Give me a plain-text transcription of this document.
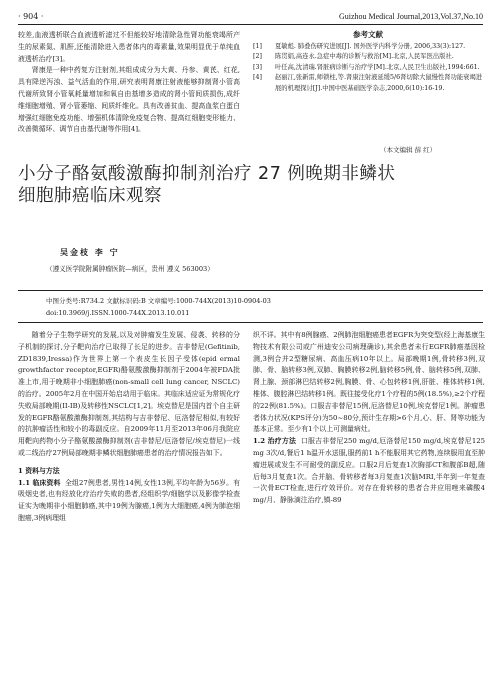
· 904 ·	Guizhou Medical Journal,2013,Vol.37,No.10

较差,血液透析联合血液透析滤过不但能较好地清除急性肾功能衰竭所产生的尿素氮、肌酐,还能清除进入患者体内的毒素量,效果明显优于单纯血液透析治疗[3]。

肾康是一种中药复方注射剂,其组成成分为大黄、丹参、黄芪、红花,具有降逆泻浊、益气活血的作用,研究表明肾康注射液能够抑制肾小管高代谢所致肾小管氧耗量增加和氧自由基增多造成的肾小管间质损伤,成纤维细胞增殖、肾小管萎缩、间质纤维化。具有改善贫血、提高血浆白蛋白增强红细胞免疫功能、增强机体清除免疫复合物、提高红细胞变形能力、改善微循环、调节自由基代谢等作用[4]。

参考文献
[1]	夏敏彪. 肺叠伤研究进展[J]. 国外医学内科学分册, 2006,33(3):127.
[2]	陈贯娟,高连永.急症中毒的诊断与救治[M].北京,人民军医出版社.
[3]	叶任高,沈清瑞.肾脏病诊断与治疗学[M].北京,人民卫生出版社,1994:661.
[4]	赵丽江,张新雷,师锁柱,等.肾康注射液延缓5/6肾切除大鼠慢性肾功能衰竭进展的机理探讨[J].中国中医基础医学杂志,2000,6(10):16-19.
（本文编辑 薛 红）
小分子酪氨酸激酶抑制剂治疗 27 例晚期非鳞状
细胞肺癌临床观察
吴金枝 李 宁
（遵义医学院附属肿瘤医院—病区，贵州 遵义 563003）
中图分类号:R734.2 文献标识码:B 文章编号:1000-744X(2013)10-0904-03
doi:10.3969/j.ISSN.1000-744X.2013.10.011

随着分子生物学研究的发展,以及对肿瘤发生发展、侵袭、转移的分子机制的探讨,分子靶向治疗已取得了长足的进步。吉非替尼(Gefitinib, ZD1839,Iressa)作为世界上第一个表皮生长因子受体(epid ermal growthfactor receptor,EGFR)酪氨酸激酶抑制剂于2004年被FDA批准上市,用于晚期非小细胞肺癌(non-small cell lung cancer, NSCLC)的治疗。2005年2月在中国开始启动用于临床。其临床适应证为常规化疗失败局部晚期(II-IB)及转移性NSCLC[1,2]。埃克替尼是国内首个自主研发的EGFR酪氨酸激酶抑制剂,其结构与吉非替尼、厄洛替尼相似,有较好的抗肿瘤活性和较小的毒副反应。自2009年11月至2013年06月我院应用靶向药物小分子酪氨酸激酶抑制剂(吉非替尼/厄洛替尼/埃克替尼)一线或二线治疗27例局部晚期非鳞状细胞肺癌患者的治疗情况报告如下。

1 资料与方法

1.1 临床资料 全组27例患者,男性14例,女性13例,平均年龄为56岁。有吸烟史者,也有经放化疗治疗失败的患者,经组织学/细胞学以及影像学检查证实为晚期非小细胞肺癌,其中19例为腺癌,1例为大细胞癌,4例为肺泡细胞癌,3例病理组

织不详。其中有8例腺癌、2例肺泡细胞癌患者EGFR为突变型(经上海基康生物技术有限公司或广州迪安公司病理确诊),其余患者未行EGFR肺癌基因检测,3例合并2型糖尿病、高血压病10年以上。局部晚期1例,骨转移3例,双肺、骨、脑转移3例,双肺、胸膜转移2例,脑转移5例,骨、脑转移5例,双肺、肾上腺、颈部淋巴结转移2例,胸膜、骨、心包转移1例,肝脏、椎体转移1例,椎体、腹腔淋巴结转移1例。既往接受化疗1个疗程的5例(18.5%),≥2个疗程的22例(81.5%)。口服吉非替尼15例,厄洛替尼10例,埃克替尼1例。肿瘤患者体力状况(KPS评分)为50~80分,预计生存期>6个月,心、肝、肾等功能为基本正常。至少有1个以上可测量病灶。

1.2 治疗方法 口服吉非替尼250 mg/d,厄洛替尼150 mg/d,埃克替尼125 mg 3次/d,餐后1 h温开水送服,服药前1 h不能服用其它药物,连续服用直至肿瘤进展或发生不可耐受的副反应。口服2月后复查1次胸部CT和腹部B超,随后每3月复查1次。合并脑、骨转移者每3月复查1次脑MRI,半年到一年复查一次骨ECT检查,进行疗效评价。对存在骨转移的患者合并应用唑来磷酸4 mg/月、静脉滴注治疗,镇-89
